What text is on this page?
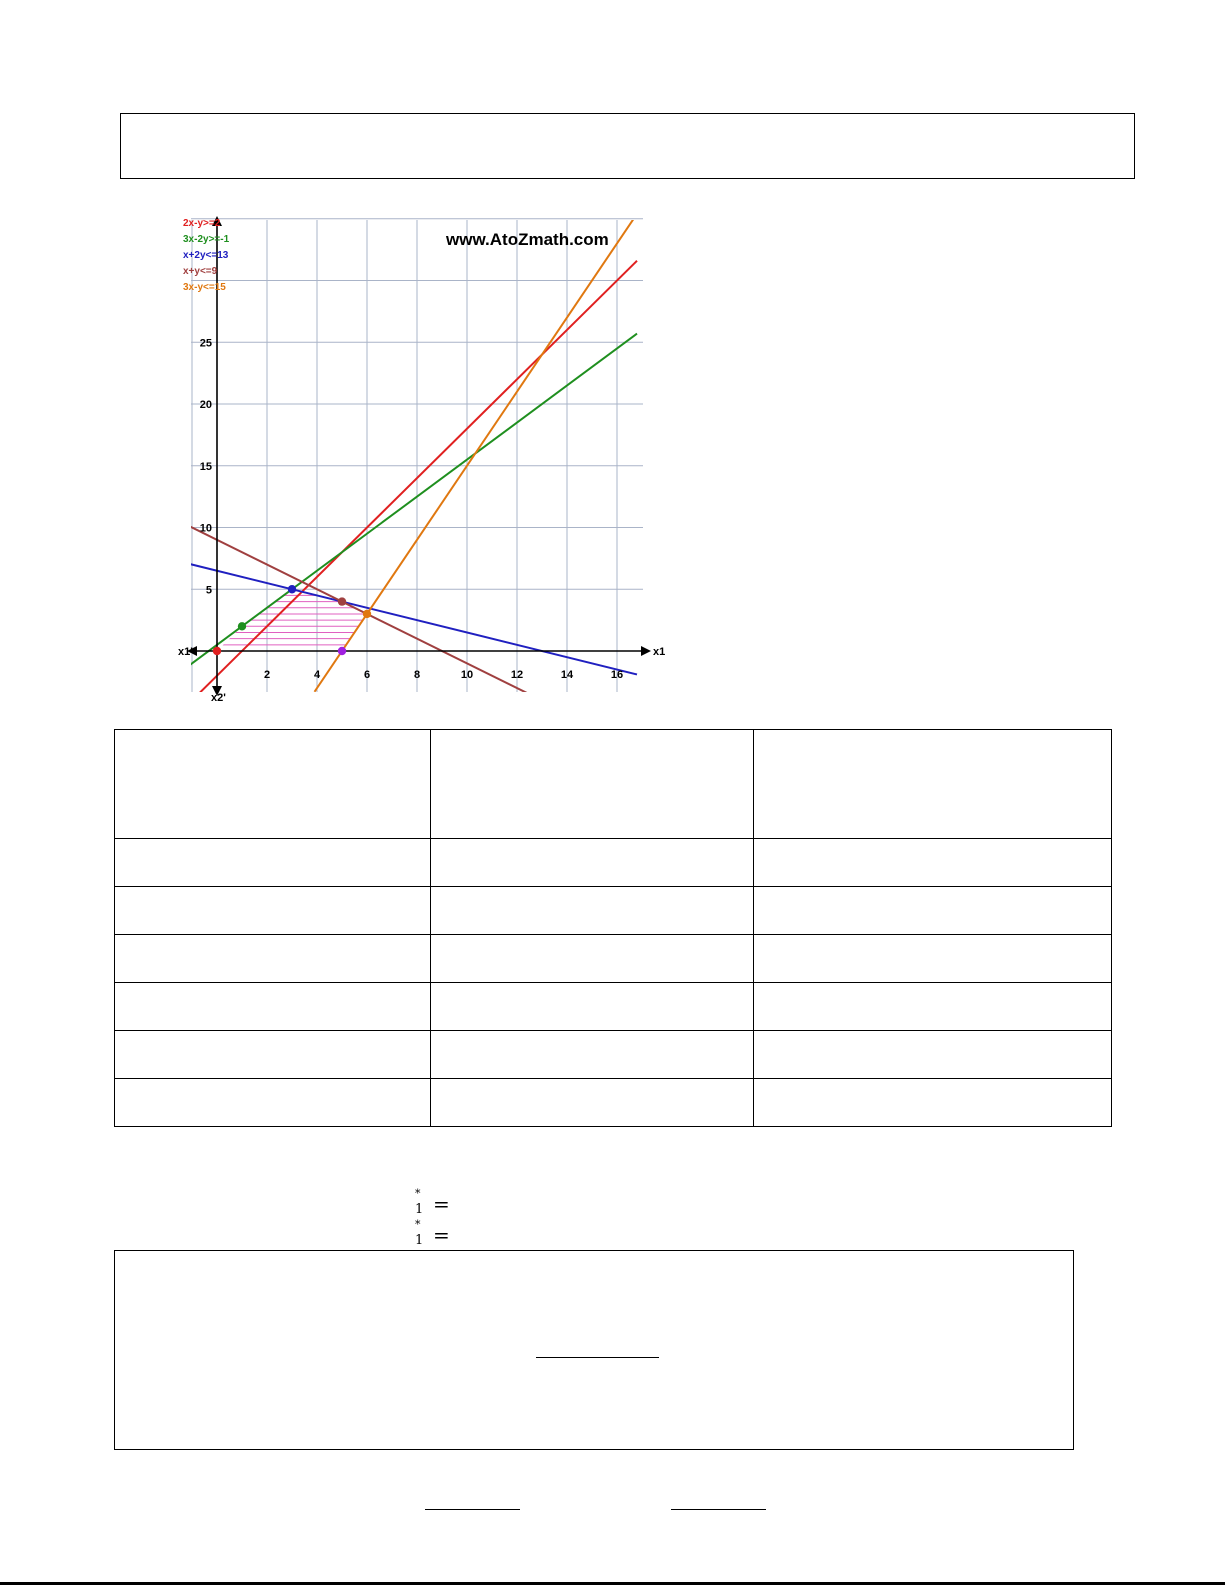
2	4	6	8	10	12	14	16
5
10
15
20
25
x1
x1'
x2'
www.AtoZmath.com
2x-y>=2
3x-2y>=-1
x+2y<=13
x+y<=9
3x-y<=15

*
1 =
*
1 =
